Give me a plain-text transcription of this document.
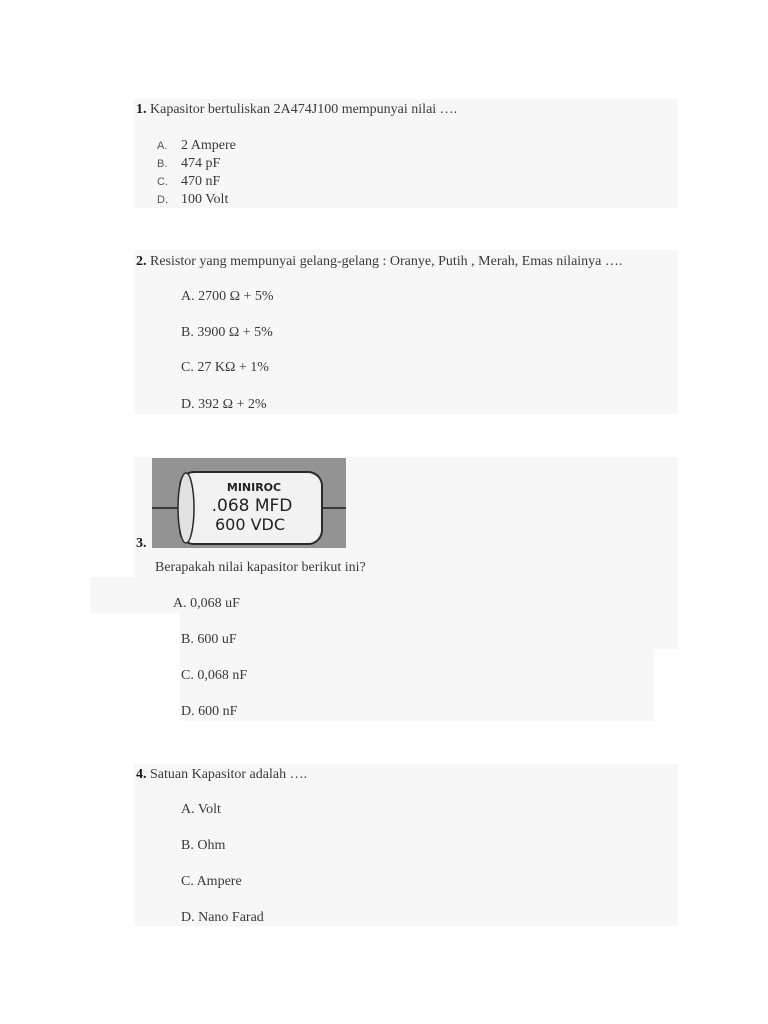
1. Kapasitor bertuliskan 2A474J100 mempunyai nilai ….
A. 2 Ampere
B. 474 pF
C. 470 nF
D. 100 Volt
2. Resistor yang mempunyai gelang-gelang : Oranye, Putih , Merah, Emas nilainya ….
A. 2700 Ω + 5%
B. 3900 Ω + 5%
C. 27 KΩ + 1%
D. 392 Ω + 2%
MINIROC
.068 MFD
600 VDC
3.
Berapakah nilai kapasitor berikut ini?
A. 0,068 uF
B. 600 uF
C. 0,068 nF
D. 600 nF
4. Satuan Kapasitor adalah ….
A. Volt
B. Ohm
C. Ampere
D. Nano Farad
